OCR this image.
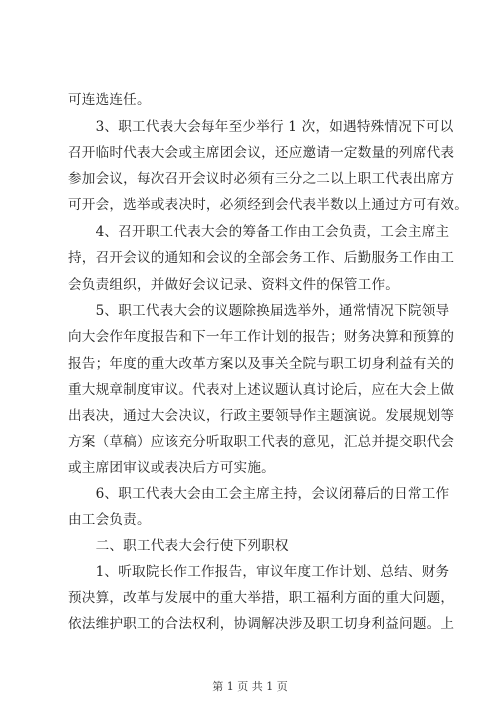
可连选连任。
　　3、职工代表大会每年至少举行 1 次，如遇特殊情况下可以
召开临时代表大会或主席团会议，还应邀请一定数量的列席代表
参加会议，每次召开会议时必须有三分之二以上职工代表出席方
可开会，选举或表决时，必须经到会代表半数以上通过方可有效。
　　4、召开职工代表大会的筹备工作由工会负责，工会主席主
持，召开会议的通知和会议的全部会务工作、后勤服务工作由工
会负责组织，并做好会议记录、资料文件的保管工作。
　　5、职工代表大会的议题除换届选举外，通常情况下院领导
向大会作年度报告和下一年工作计划的报告；财务决算和预算的
报告；年度的重大改革方案以及事关全院与职工切身利益有关的
重大规章制度审议。代表对上述议题认真讨论后，应在大会上做
出表决，通过大会决议，行政主要领导作主题演说。发展规划等
方案（草稿）应该充分听取职工代表的意见，汇总并提交职代会
或主席团审议或表决后方可实施。
　　6、职工代表大会由工会主席主持，会议闭幕后的日常工作
由工会负责。
　　二、职工代表大会行使下列职权
　　1、听取院长作工作报告，审议年度工作计划、总结、财务
预决算，改革与发展中的重大举措，职工福利方面的重大问题，
依法维护职工的合法权利，协调解决涉及职工切身利益问题。上
第 1 页 共 1 页
